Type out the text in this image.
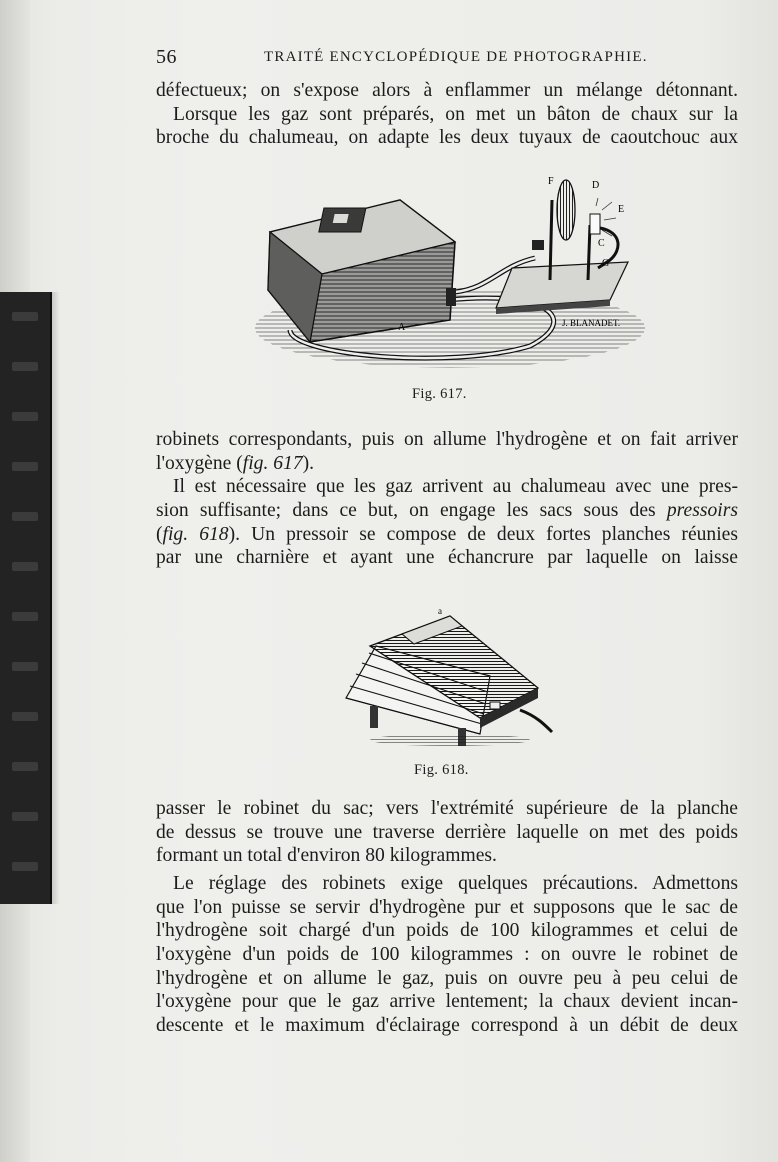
56	TRAITÉ ENCYCLOPÉDIQUE DE PHOTOGRAPHIE.
défectueux; on s'expose alors à enflammer un mélange détonnant.
Lorsque les gaz sont préparés, on met un bâton de chaux sur la
broche du chalumeau, on adapte les deux tuyaux de caoutchouc aux
A
C
D
E
F
G
J. BLANADET.
Fig. 617.
robinets correspondants, puis on allume l'hydrogène et on fait arriver
l'oxygène (fig. 617).
Il est nécessaire que les gaz arrivent au chalumeau avec une pres-
sion suffisante; dans ce but, on engage les sacs sous des pressoirs
(fig. 618). Un pressoir se compose de deux fortes planches réunies
par une charnière et ayant une échancrure par laquelle on laisse
a
Fig. 618.
passer le robinet du sac; vers l'extrémité supérieure de la planche
de dessus se trouve une traverse derrière laquelle on met des poids
formant un total d'environ 80 kilogrammes.
Le réglage des robinets exige quelques précautions. Admettons
que l'on puisse se servir d'hydrogène pur et supposons que le sac de
l'hydrogène soit chargé d'un poids de 100 kilogrammes et celui de
l'oxygène d'un poids de 100 kilogrammes : on ouvre le robinet de
l'hydrogène et on allume le gaz, puis on ouvre peu à peu celui de
l'oxygène pour que le gaz arrive lentement; la chaux devient incan-
descente et le maximum d'éclairage correspond à un débit de deux
